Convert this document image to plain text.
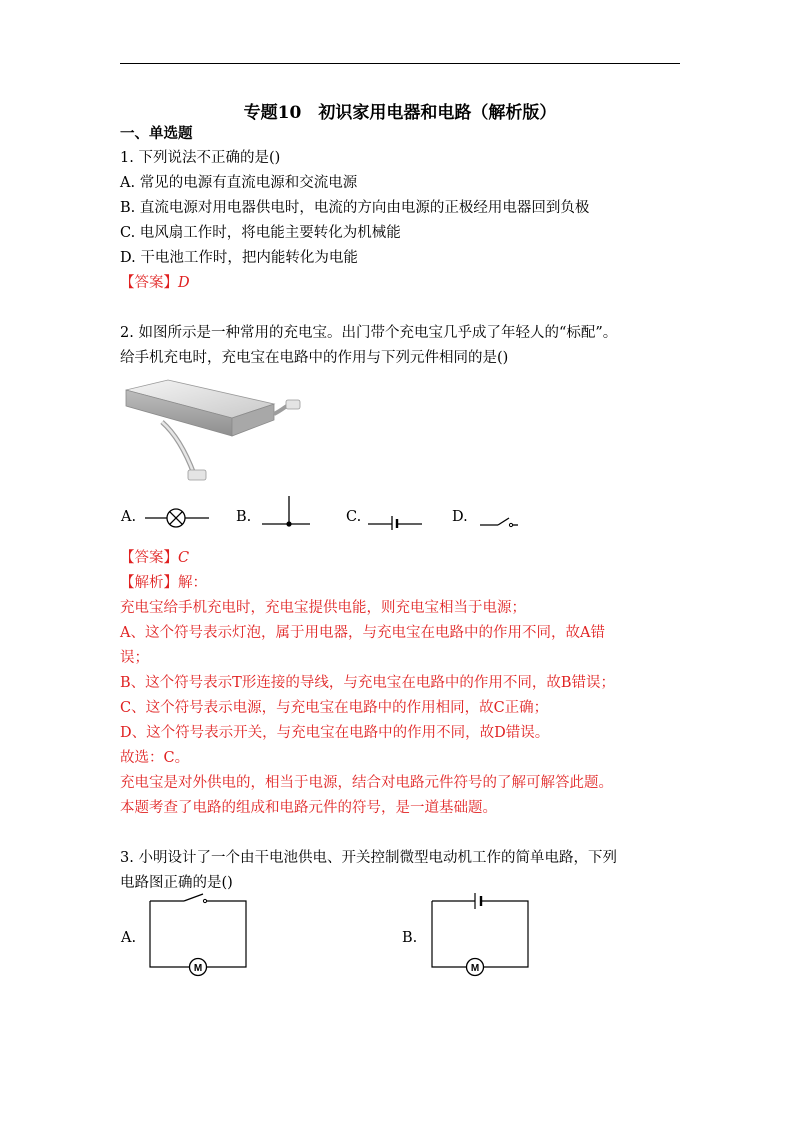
专题10　初识家用电器和电路（解析版）
一、单选题
1. 下列说法不正确的是()
A. 常见的电源有直流电源和交流电源
B. 直流电源对用电器供电时，电流的方向由电源的正极经用电器回到负极
C. 电风扇工作时，将电能主要转化为机械能
D. 干电池工作时，把内能转化为电能
【答案】D
2. 如图所示是一种常用的充电宝。出门带个充电宝几乎成了年轻人的“标配”。
给手机充电时，充电宝在电路中的作用与下列元件相同的是()
A.	B.	C.	D.
【答案】C
【解析】解：
充电宝给手机充电时，充电宝提供电能，则充电宝相当于电源；
A、这个符号表示灯泡，属于用电器，与充电宝在电路中的作用不同，故A错
误；
B、这个符号表示T形连接的导线，与充电宝在电路中的作用不同，故B错误；
C、这个符号表示电源，与充电宝在电路中的作用相同，故C正确；
D、这个符号表示开关，与充电宝在电路中的作用不同，故D错误。
故选：C。
充电宝是对外供电的，相当于电源，结合对电路元件符号的了解可解答此题。
本题考查了电路的组成和电路元件的符号，是一道基础题。
3. 小明设计了一个由干电池供电、开关控制微型电动机工作的简单电路，下列
电路图正确的是()
A.
M
B.
M
